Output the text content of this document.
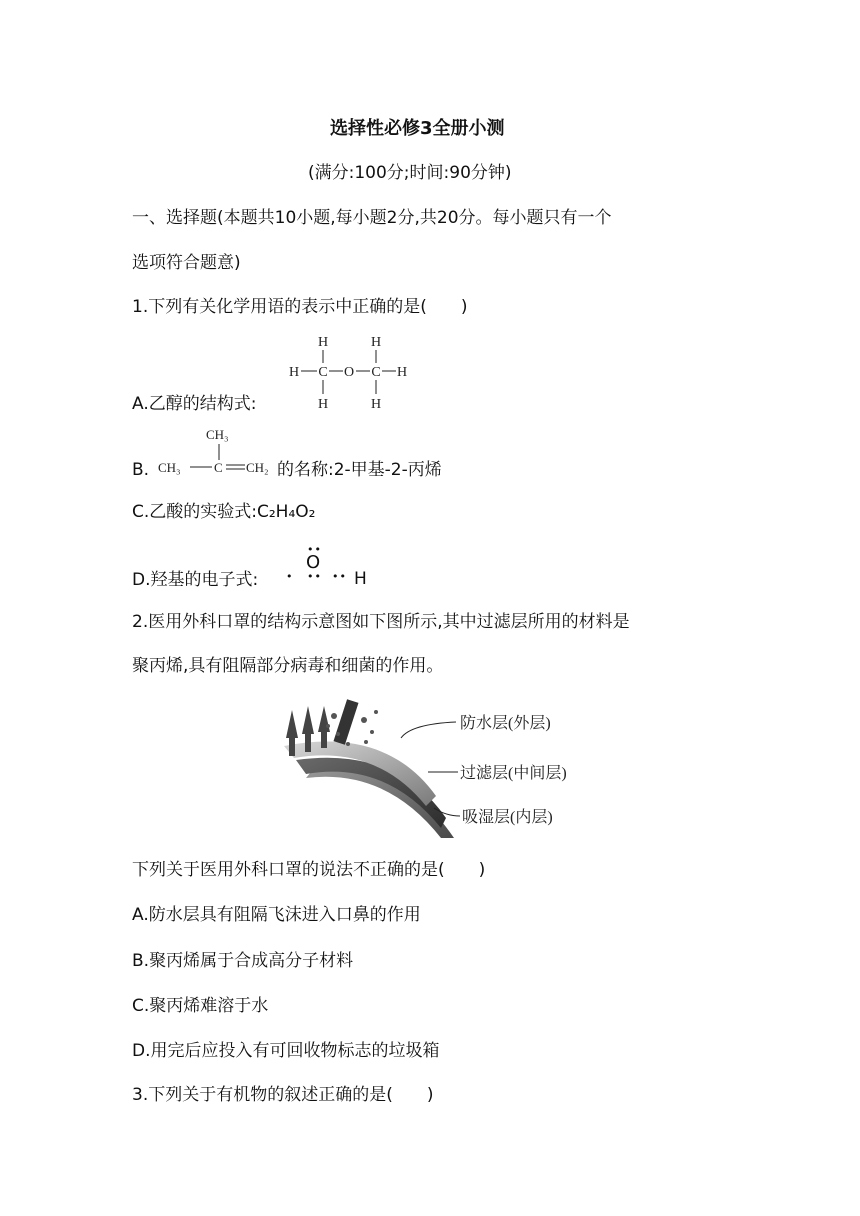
选择性必修3全册小测
(满分:100分;时间:90分钟)
一、选择题(本题共10小题,每小题2分,共20分。每小题只有一个
选项符合题意)
1.下列有关化学用语的表示中正确的是(　　)
A.乙醇的结构式:
H	H
H C O C H
H	H
B.
CH₃
CH₃	C CH₂ 的名称:2-甲基-2-丙烯
C.乙酸的实验式:C₂H₄O₂
D.羟基的电子式:
••
O
• •• •• H
2.医用外科口罩的结构示意图如下图所示,其中过滤层所用的材料是
聚丙烯,具有阻隔部分病毒和细菌的作用。
防水层(外层)
过滤层(中间层)
吸湿层(内层)
下列关于医用外科口罩的说法不正确的是(　　)
A.防水层具有阻隔飞沫进入口鼻的作用
B.聚丙烯属于合成高分子材料
C.聚丙烯难溶于水
D.用完后应投入有可回收物标志的垃圾箱
3.下列关于有机物的叙述正确的是(　　)
